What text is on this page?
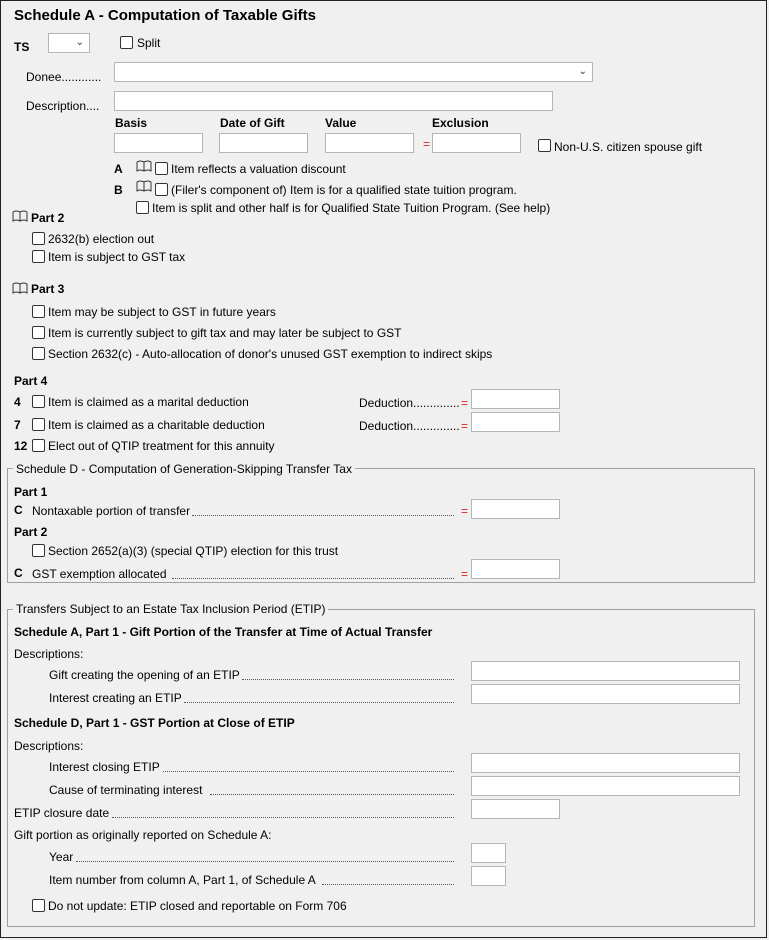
Schedule A - Computation of Taxable Gifts
TS	⌄	Split
Donee............	⌄
Description....
Basis	Date of Gift	Value	Exclusion
=	Non-U.S. citizen spouse gift
A	Item reflects a valuation discount
B	(Filer's component of) Item is for a qualified state tuition program.
Item is split and other half is for Qualified State Tuition Program. (See help)
Part 2
2632(b) election out
Item is subject to GST tax
Part 3
Item may be subject to GST in future years
Item is currently subject to gift tax and may later be subject to GST
Section 2632(c) - Auto-allocation of donor's unused GST exemption to indirect skips
Part 4
4 Item is claimed as a marital deduction	Deduction.............. =
7 Item is claimed as a charitable deduction	Deduction.............. =
12 Elect out of QTIP treatment for this annuity
Schedule D - Computation of Generation-Skipping Transfer Tax
Part 1
C Nontaxable portion of transfer	=
Part 2
Section 2652(a)(3) (special QTIP) election for this trust
C GST exemption allocated	=
Transfers Subject to an Estate Tax Inclusion Period (ETIP)
Schedule A, Part 1 - Gift Portion of the Transfer at Time of Actual Transfer
Descriptions:
Gift creating the opening of an ETIP
Interest creating an ETIP
Schedule D, Part 1 - GST Portion at Close of ETIP
Descriptions:
Interest closing ETIP
Cause of terminating interest
ETIP closure date
Gift portion as originally reported on Schedule A:
Year
Item number from column A, Part 1, of Schedule A
Do not update: ETIP closed and reportable on Form 706
